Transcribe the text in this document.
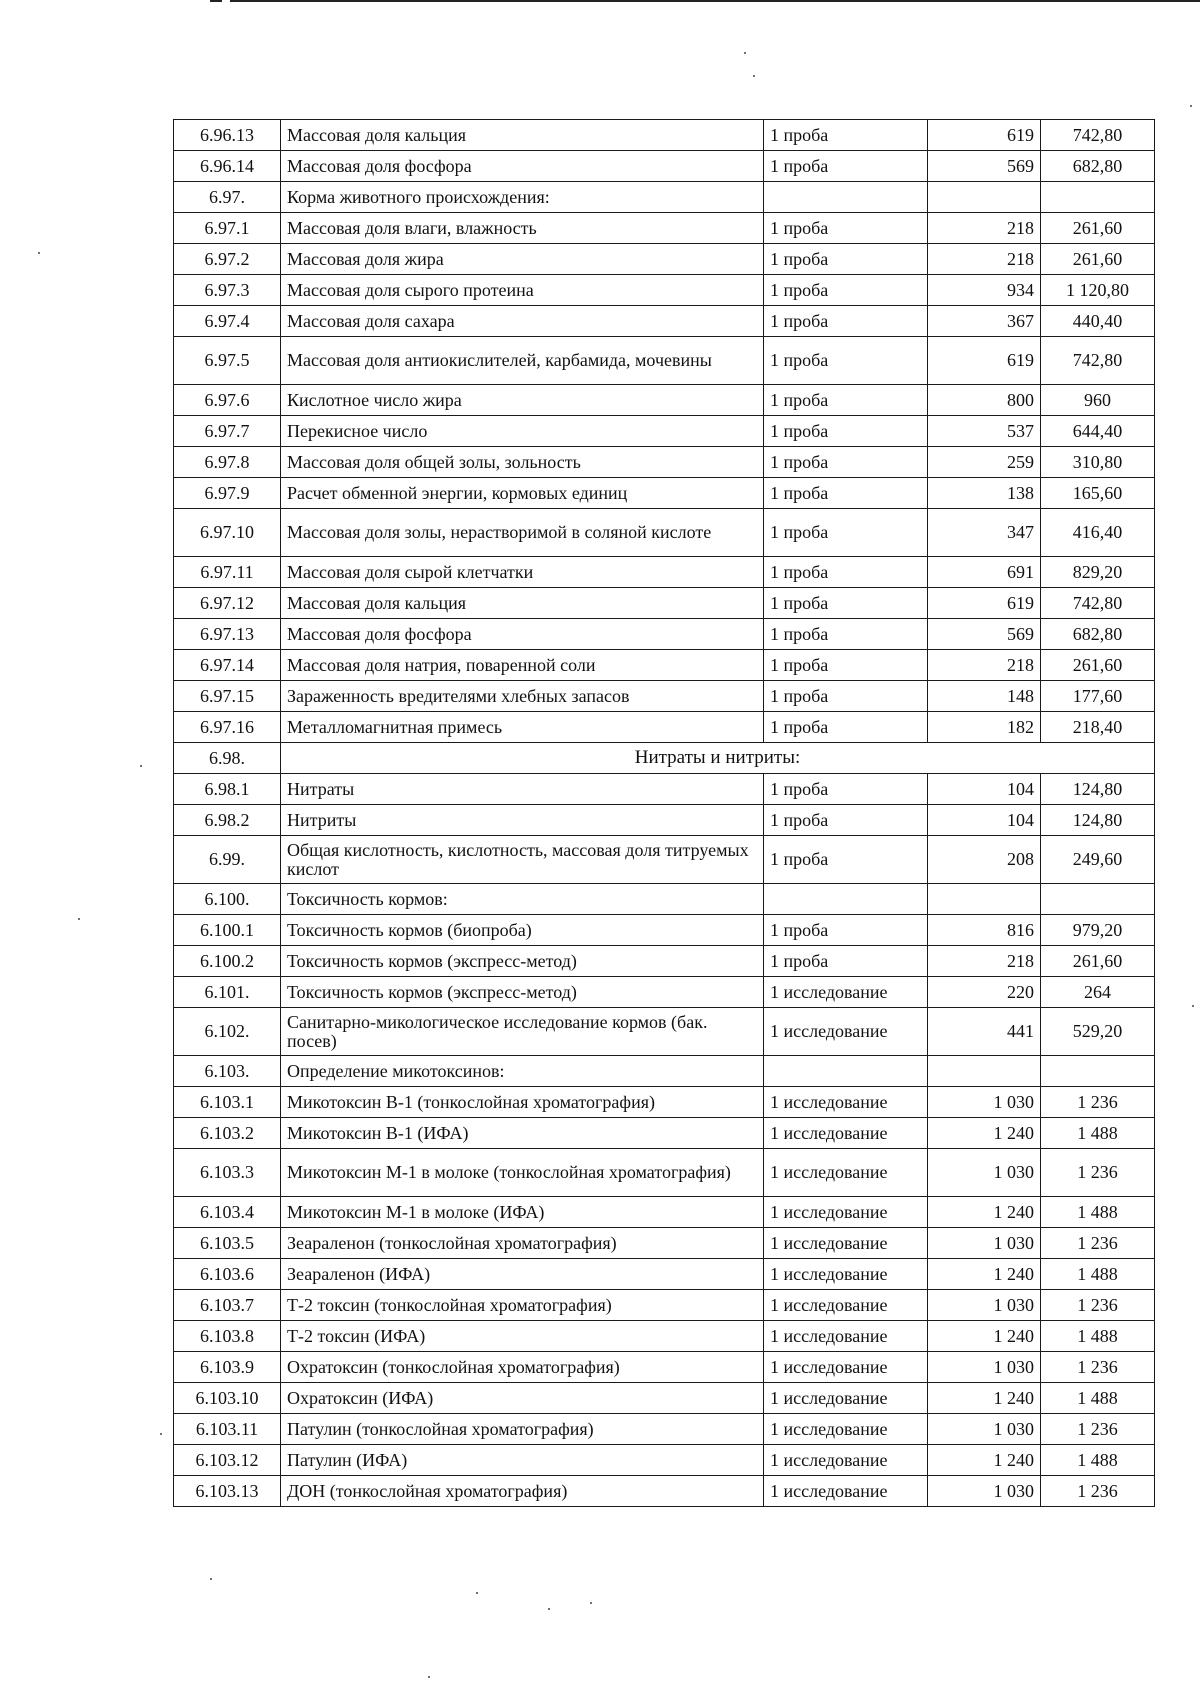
6.96.13	Массовая доля кальция	1 проба	619	742,80
6.96.14	Массовая доля фосфора	1 проба	569	682,80
6.97.	Корма животного происхождения:			
6.97.1	Массовая доля влаги, влажность	1 проба	218	261,60
6.97.2	Массовая доля жира	1 проба	218	261,60
6.97.3	Массовая доля сырого протеина	1 проба	934	1 120,80
6.97.4	Массовая доля сахара	1 проба	367	440,40
6.97.5	Массовая доля антиокислителей, карбамида, мочевины	1 проба	619	742,80
6.97.6	Кислотное число жира	1 проба	800	960
6.97.7	Перекисное число	1 проба	537	644,40
6.97.8	Массовая доля общей золы, зольность	1 проба	259	310,80
6.97.9	Расчет обменной энергии, кормовых единиц	1 проба	138	165,60
6.97.10	Массовая доля золы, нерастворимой в соляной кислоте	1 проба	347	416,40
6.97.11	Массовая доля сырой клетчатки	1 проба	691	829,20
6.97.12	Массовая доля кальция	1 проба	619	742,80
6.97.13	Массовая доля фосфора	1 проба	569	682,80
6.97.14	Массовая доля натрия, поваренной соли	1 проба	218	261,60
6.97.15	Зараженность вредителями хлебных запасов	1 проба	148	177,60
6.97.16	Металломагнитная примесь	1 проба	182	218,40
6.98.	Нитраты и нитриты:			
6.98.1	Нитраты	1 проба	104	124,80
6.98.2	Нитриты	1 проба	104	124,80
6.99.	Общая кислотность, кислотность, массовая доля титруемых кислот	1 проба	208	249,60
6.100.	Токсичность кормов:			
6.100.1	Токсичность кормов (биопроба)	1 проба	816	979,20
6.100.2	Токсичность кормов (экспресс-метод)	1 проба	218	261,60
6.101.	Токсичность кормов (экспресс-метод)	1 исследование	220	264
6.102.	Санитарно-микологическое исследование кормов (бак. посев)	1 исследование	441	529,20
6.103.	Определение микотоксинов:			
6.103.1	Микотоксин В-1 (тонкослойная хроматография)	1 исследование	1 030	1 236
6.103.2	Микотоксин В-1 (ИФА)	1 исследование	1 240	1 488
6.103.3	Микотоксин М-1 в молоке (тонкослойная хроматография)	1 исследование	1 030	1 236
6.103.4	Микотоксин М-1 в молоке (ИФА)	1 исследование	1 240	1 488
6.103.5	Зеараленон (тонкослойная хроматография)	1 исследование	1 030	1 236
6.103.6	Зеараленон (ИФА)	1 исследование	1 240	1 488
6.103.7	Т-2 токсин (тонкослойная хроматография)	1 исследование	1 030	1 236
6.103.8	Т-2 токсин (ИФА)	1 исследование	1 240	1 488
6.103.9	Охратоксин (тонкослойная хроматография)	1 исследование	1 030	1 236
6.103.10	Охратоксин (ИФА)	1 исследование	1 240	1 488
6.103.11	Патулин (тонкослойная хроматография)	1 исследование	1 030	1 236
6.103.12	Патулин (ИФА)	1 исследование	1 240	1 488
6.103.13	ДОН (тонкослойная хроматография)	1 исследование	1 030	1 236
